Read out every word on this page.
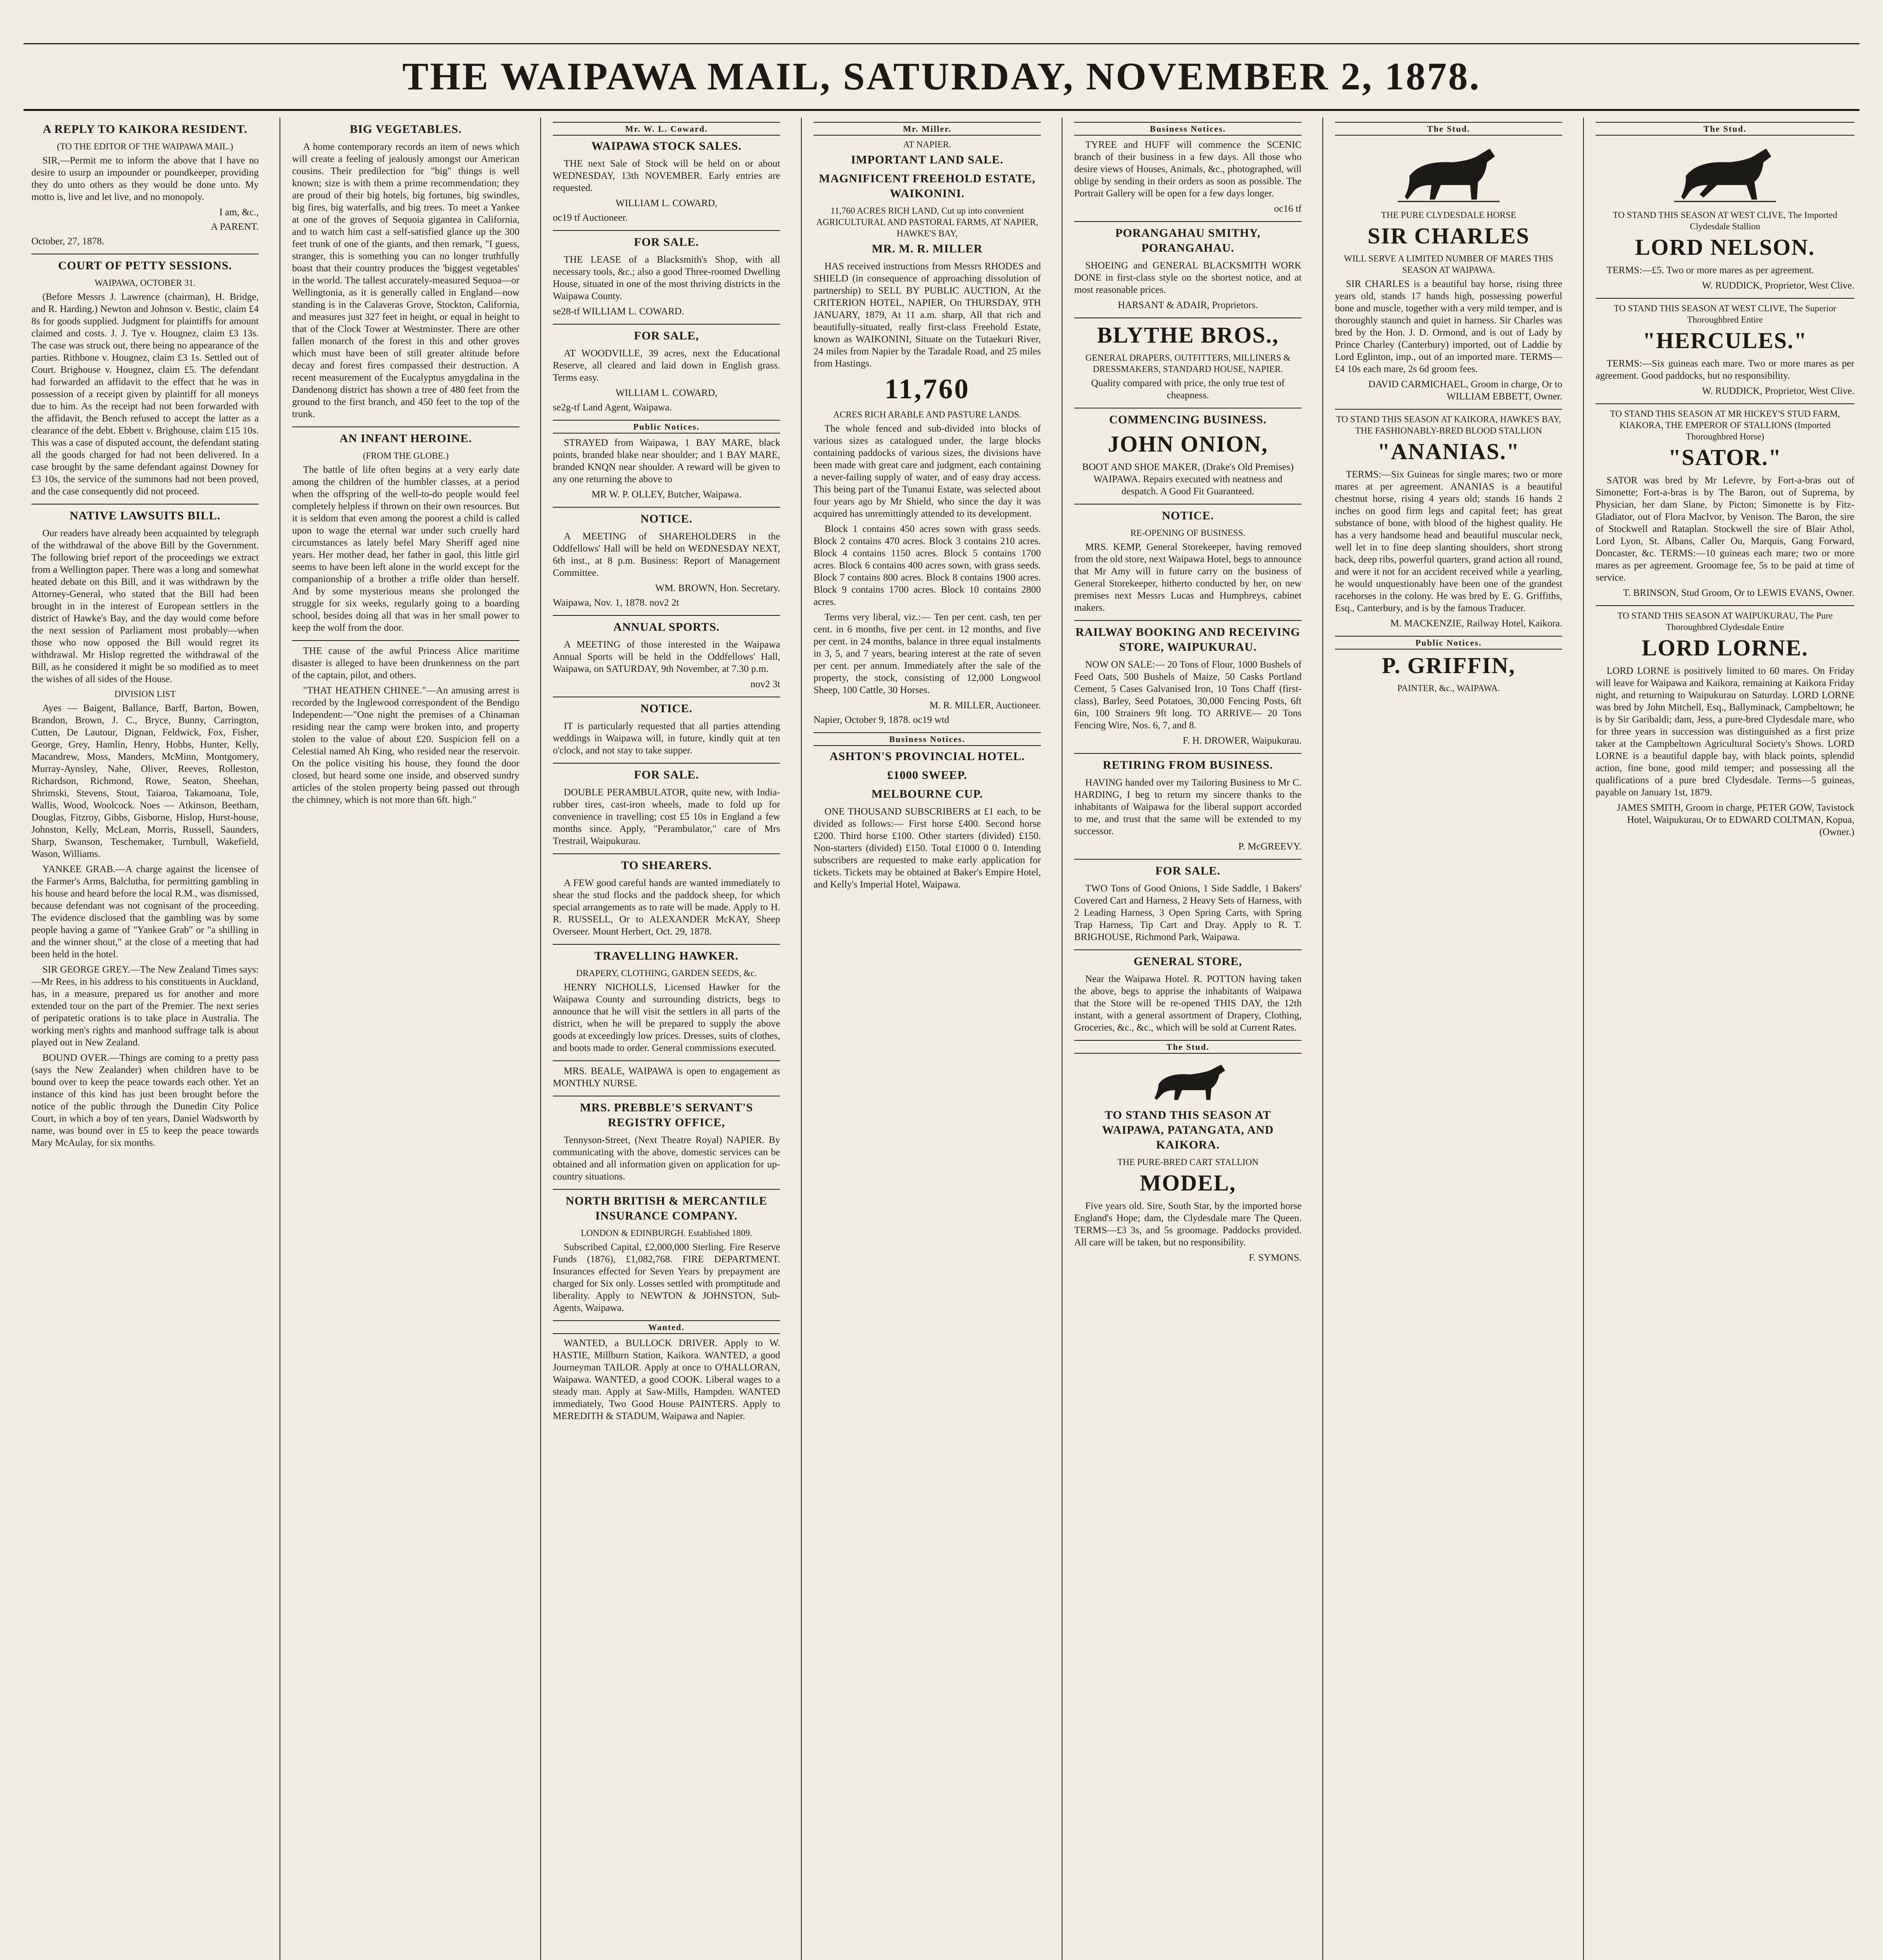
THE WAIPAWA MAIL, SATURDAY, NOVEMBER 2, 1878.
A REPLY TO KAIKORA RESIDENT.
(TO THE EDITOR OF THE WAIPAWA MAIL.)
SIR,—Permit me to inform the above that I have no desire to usurp an impounder or poundkeeper, providing they do unto others as they would be done unto. My motto is, live and let live, and no monopoly.
I am, &c.,
A PARENT.
October, 27, 1878.
COURT OF PETTY SESSIONS.
WAIPAWA, OCTOBER 31.
(Before Messrs J. Lawrence (chairman), H. Bridge, and R. Harding.) Newton and Johnson v. Bestic, claim £4 8s for goods supplied. Judgment for plaintiffs for amount claimed and costs. J. J. Tye v. Hougnez, claim £3 13s. The case was struck out, there being no appearance of the parties. Rithbone v. Hougnez, claim £3 1s. Settled out of Court. Brighouse v. Hougnez, claim £5. The defendant had forwarded an affidavit to the effect that he was in possession of a receipt given by plaintiff for all moneys due to him. As the receipt had not been forwarded with the affidavit, the Bench refused to accept the latter as a clearance of the debt. Ebbett v. Brighouse, claim £15 10s. This was a case of disputed account, the defendant stating all the goods charged for had not been delivered. In a case brought by the same defendant against Downey for £3 10s, the service of the summons had not been proved, and the case consequently did not proceed.
NATIVE LAWSUITS BILL.
Our readers have already been acquainted by telegraph of the withdrawal of the above Bill by the Government. The following brief report of the proceedings we extract from a Wellington paper. There was a long and somewhat heated debate on this Bill, and it was withdrawn by the Attorney-General, who stated that the Bill had been brought in in the interest of European settlers in the district of Hawke's Bay, and the day would come before the next session of Parliament most probably—when those who now opposed the Bill would regret its withdrawal. Mr Hislop regretted the withdrawal of the Bill, as he considered it might be so modified as to meet the wishes of all sides of the House.
DIVISION LIST
Ayes — Baigent, Ballance, Barff, Barton, Bowen, Brandon, Brown, J. C., Bryce, Bunny, Carrington, Cutten, De Lautour, Dignan, Feldwick, Fox, Fisher, George, Grey, Hamlin, Henry, Hobbs, Hunter, Kelly, Macandrew, Moss, Manders, McMinn, Montgomery, Murray-Aynsley, Nahe, Oliver, Reeves, Rolleston, Richardson, Richmond, Rowe, Seaton, Sheehan, Shrimski, Stevens, Stout, Taiaroa, Takamoana, Tole, Wallis, Wood, Woolcock. Noes — Atkinson, Beetham, Douglas, Fitzroy, Gibbs, Gisborne, Hislop, Hurst-house, Johnston, Kelly, McLean, Morris, Russell, Saunders, Sharp, Swanson, Teschemaker, Turnbull, Wakefield, Wason, Williams.
YANKEE GRAB.—A charge against the licensee of the Farmer's Arms, Balclutha, for permitting gambling in his house and heard before the local R.M., was dismissed, because defendant was not cognisant of the proceeding. The evidence disclosed that the gambling was by some people having a game of "Yankee Grab" or "a shilling in and the winner shout," at the close of a meeting that had been held in the hotel.
SIR GEORGE GREY.—The New Zealand Times says:—Mr Rees, in his address to his constituents in Auckland, has, in a measure, prepared us for another and more extended tour on the part of the Premier. The next series of peripatetic orations is to take place in Australia. The working men's rights and manhood suffrage talk is about played out in New Zealand.
BOUND OVER.—Things are coming to a pretty pass (says the New Zealander) when children have to be bound over to keep the peace towards each other. Yet an instance of this kind has just been brought before the notice of the public through the Dunedin City Police Court, in which a boy of ten years, Daniel Wadsworth by name, was bound over in £5 to keep the peace towards Mary McAulay, for six months.
BIG VEGETABLES.
A home contemporary records an item of news which will create a feeling of jealously amongst our American cousins. Their predilection for "big" things is well known; size is with them a prime recommendation; they are proud of their big hotels, big fortunes, big swindles, big fires, big waterfalls, and big trees. To meet a Yankee at one of the groves of Sequoia gigantea in California, and to watch him cast a self-satisfied glance up the 300 feet trunk of one of the giants, and then remark, "I guess, stranger, this is something you can no longer truthfully boast that their country produces the 'biggest vegetables' in the world. The tallest accurately-measured Sequoa—or Wellingtonia, as it is generally called in England—now standing is in the Calaveras Grove, Stockton, California, and measures just 327 feet in height, or equal in height to that of the Clock Tower at Westminster. There are other fallen monarch of the forest in this and other groves which must have been of still greater altitude before decay and forest fires compassed their destruction. A recent measurement of the Eucalyptus amygdalina in the Dandenong district has shown a tree of 480 feet from the ground to the first branch, and 450 feet to the top of the trunk.
AN INFANT HEROINE.
(FROM THE GLOBE.)
The battle of life often begins at a very early date among the children of the humbler classes, at a period when the offspring of the well-to-do people would feel completely helpless if thrown on their own resources. But it is seldom that even among the poorest a child is called upon to wage the eternal war under such cruelly hard circumstances as lately befel Mary Sheriff aged nine years. Her mother dead, her father in gaol, this little girl seems to have been left alone in the world except for the companionship of a brother a trifle older than herself. And by some mysterious means she prolonged the struggle for six weeks, regularly going to a boarding school, besides doing all that was in her small power to keep the wolf from the door.
THE cause of the awful Princess Alice maritime disaster is alleged to have been drunkenness on the part of the captain, pilot, and others.
"THAT HEATHEN CHINEE."—An amusing arrest is recorded by the Inglewood correspondent of the Bendigo Independent:—"One night the premises of a Chinaman residing near the camp were broken into, and property stolen to the value of about £20. Suspicion fell on a Celestial named Ah King, who resided near the reservoir. On the police visiting his house, they found the door closed, but heard some one inside, and observed sundry articles of the stolen property being passed out through the chimney, which is not more than 6ft. high."
Mr. W. L. Coward.
WAIPAWA STOCK SALES.
THE next Sale of Stock will be held on or about WEDNESDAY, 13th NOVEMBER. Early entries are requested.
WILLIAM L. COWARD,
oc19 tf Auctioneer.
FOR SALE.
THE LEASE of a Blacksmith's Shop, with all necessary tools, &c.; also a good Three-roomed Dwelling House, situated in one of the most thriving districts in the Waipawa County.
se28-tf WILLIAM L. COWARD.
FOR SALE,
AT WOODVILLE, 39 acres, next the Educational Reserve, all cleared and laid down in English grass. Terms easy.
WILLIAM L. COWARD,
se2g-tf Land Agent, Waipawa.
Public Notices.
STRAYED from Waipawa, 1 BAY MARE, black points, branded blake near shoulder; and 1 BAY MARE, branded KNQN near shoulder. A reward will be given to any one returning the above to
MR W. P. OLLEY, Butcher, Waipawa.
NOTICE.
A MEETING of SHAREHOLDERS in the Oddfellows' Hall will be held on WEDNESDAY NEXT, 6th inst., at 8 p.m. Business: Report of Management Committee.
WM. BROWN, Hon. Secretary.
Waipawa, Nov. 1, 1878. nov2 2t
ANNUAL SPORTS.
A MEETING of those interested in the Waipawa Annual Sports will be held in the Oddfellows' Hall, Waipawa, on SATURDAY, 9th November, at 7.30 p.m.
nov2 3t
NOTICE.
IT is particularly requested that all parties attending weddings in Waipawa will, in future, kindly quit at ten o'clock, and not stay to take supper.
FOR SALE.
DOUBLE PERAMBULATOR, quite new, with India-rubber tires, cast-iron wheels, made to fold up for convenience in travelling; cost £5 10s in England a few months since. Apply, "Perambulator," care of Mrs Trestrail, Waipukurau.
TO SHEARERS.
A FEW good careful hands are wanted immediately to shear the stud flocks and the paddock sheep, for which special arrangements as to rate will be made. Apply to H. R. RUSSELL, Or to ALEXANDER McKAY, Sheep Overseer. Mount Herbert, Oct. 29, 1878.
TRAVELLING HAWKER.
DRAPERY, CLOTHING, GARDEN SEEDS, &c.
HENRY NICHOLLS, Licensed Hawker for the Waipawa County and surrounding districts, begs to announce that he will visit the settlers in all parts of the district, when he will be prepared to supply the above goods at exceedingly low prices. Dresses, suits of clothes, and boots made to order. General commissions executed.
MRS. BEALE, WAIPAWA is open to engagement as MONTHLY NURSE.
MRS. PREBBLE'S SERVANT'S REGISTRY OFFICE,
Tennyson-Street, (Next Theatre Royal) NAPIER. By communicating with the above, domestic services can be obtained and all information given on application for up-country situations.
NORTH BRITISH & MERCANTILE INSURANCE COMPANY.
LONDON & EDINBURGH. Established 1809.
Subscribed Capital, £2,000,000 Sterling. Fire Reserve Funds (1876), £1,082,768. FIRE DEPARTMENT. Insurances effected for Seven Years by prepayment are charged for Six only. Losses settled with promptitude and liberality. Apply to NEWTON & JOHNSTON, Sub-Agents, Waipawa.
Wanted.
WANTED, a BULLOCK DRIVER. Apply to W. HASTIE, Millburn Station, Kaikora. WANTED, a good Journeyman TAILOR. Apply at once to O'HALLORAN, Waipawa. WANTED, a good COOK. Liberal wages to a steady man. Apply at Saw-Mills, Hampden. WANTED immediately, Two Good House PAINTERS. Apply to MEREDITH & STADUM, Waipawa and Napier.
Mr. Miller.
AT NAPIER.
IMPORTANT LAND SALE.
MAGNIFICENT FREEHOLD ESTATE, WAIKONINI.
11,760 ACRES RICH LAND, Cut up into convenient AGRICULTURAL AND PASTORAL FARMS, AT NAPIER, HAWKE'S BAY,
MR. M. R. MILLER
HAS received instructions from Messrs RHODES and SHIELD (in consequence of approaching dissolution of partnership) to SELL BY PUBLIC AUCTION, At the CRITERION HOTEL, NAPIER, On THURSDAY, 9TH JANUARY, 1879, At 11 a.m. sharp, All that rich and beautifully-situated, really first-class Freehold Estate, known as WAIKONINI, Situate on the Tutaekuri River, 24 miles from Napier by the Taradale Road, and 25 miles from Hastings.
11,760
ACRES RICH ARABLE AND PASTURE LANDS.
The whole fenced and sub-divided into blocks of various sizes as catalogued under, the large blocks containing paddocks of various sizes, the divisions have been made with great care and judgment, each containing a never-failing supply of water, and of easy dray access. This being part of the Tunanui Estate, was selected about four years ago by Mr Shield, who since the day it was acquired has unremittingly attended to its development.
Block 1 contains 450 acres sown with grass seeds. Block 2 contains 470 acres. Block 3 contains 210 acres. Block 4 contains 1150 acres. Block 5 contains 1700 acres. Block 6 contains 400 acres sown, with grass seeds. Block 7 contains 800 acres. Block 8 contains 1900 acres. Block 9 contains 1700 acres. Block 10 contains 2800 acres.
Terms very liberal, viz.:— Ten per cent. cash, ten per cent. in 6 months, five per cent. in 12 months, and five per cent. in 24 months, balance in three equal instalments in 3, 5, and 7 years, bearing interest at the rate of seven per cent. per annum. Immediately after the sale of the property, the stock, consisting of 12,000 Longwool Sheep, 100 Cattle, 30 Horses.
M. R. MILLER, Auctioneer.
Napier, October 9, 1878. oc19 wtd
Business Notices.
ASHTON'S PROVINCIAL HOTEL.
£1000 SWEEP.
MELBOURNE CUP.
ONE THOUSAND SUBSCRIBERS at £1 each, to be divided as follows:— First horse £400. Second horse £200. Third horse £100. Other starters (divided) £150. Non-starters (divided) £150. Total £1000 0 0. Intending subscribers are requested to make early application for tickets. Tickets may be obtained at Baker's Empire Hotel, and Kelly's Imperial Hotel, Waipawa.
Business Notices.
TYREE and HUFF will commence the SCENIC branch of their business in a few days. All those who desire views of Houses, Animals, &c., photographed, will oblige by sending in their orders as soon as possible. The Portrait Gallery will be open for a few days longer.
oc16 tf
PORANGAHAU SMITHY, PORANGAHAU.
SHOEING and GENERAL BLACKSMITH WORK DONE in first-class style on the shortest notice, and at most reasonable prices.
HARSANT & ADAIR, Proprietors.
BLYTHE BROS.,
GENERAL DRAPERS, OUTFITTERS, MILLINERS & DRESSMAKERS, STANDARD HOUSE, NAPIER.
Quality compared with price, the only true test of cheapness.
COMMENCING BUSINESS.
JOHN ONION,
BOOT AND SHOE MAKER, (Drake's Old Premises) WAIPAWA. Repairs executed with neatness and despatch. A Good Fit Guaranteed.
NOTICE.
RE-OPENING OF BUSINESS.
MRS. KEMP, General Storekeeper, having removed from the old store, next Waipawa Hotel, begs to announce that Mr Amy will in future carry on the business of General Storekeeper, hitherto conducted by her, on new premises next Messrs Lucas and Humphreys, cabinet makers.
RAILWAY BOOKING AND RECEIVING STORE, WAIPUKURAU.
NOW ON SALE:— 20 Tons of Flour, 1000 Bushels of Feed Oats, 500 Bushels of Maize, 50 Casks Portland Cement, 5 Cases Galvanised Iron, 10 Tons Chaff (first-class), Barley, Seed Potatoes, 30,000 Fencing Posts, 6ft 6in, 100 Strainers 9ft long. TO ARRIVE— 20 Tons Fencing Wire, Nos. 6, 7, and 8.
F. H. DROWER, Waipukurau.
RETIRING FROM BUSINESS.
HAVING handed over my Tailoring Business to Mr C. HARDING, I beg to return my sincere thanks to the inhabitants of Waipawa for the liberal support accorded to me, and trust that the same will be extended to my successor.
P. McGREEVY.
FOR SALE.
TWO Tons of Good Onions, 1 Side Saddle, 1 Bakers' Covered Cart and Harness, 2 Heavy Sets of Harness, with 2 Leading Harness, 3 Open Spring Carts, with Spring Trap Harness, Tip Cart and Dray. Apply to R. T. BRIGHOUSE, Richmond Park, Waipawa.
GENERAL STORE,
Near the Waipawa Hotel. R. POTTON having taken the above, begs to apprise the inhabitants of Waipawa that the Store will be re-opened THIS DAY, the 12th instant, with a general assortment of Drapery, Clothing, Groceries, &c., &c., which will be sold at Current Rates.
The Stud.
TO STAND THIS SEASON AT WAIPAWA, PATANGATA, AND KAIKORA.
THE PURE-BRED CART STALLION
MODEL,
Five years old. Sire, South Star, by the imported horse England's Hope; dam, the Clydesdale mare The Queen. TERMS—£3 3s, and 5s groomage. Paddocks provided. All care will be taken, but no responsibility.
F. SYMONS.
The Stud.
THE PURE CLYDESDALE HORSE
SIR CHARLES
WILL SERVE A LIMITED NUMBER OF MARES THIS SEASON AT WAIPAWA.
SIR CHARLES is a beautiful bay horse, rising three years old, stands 17 hands high, possessing powerful bone and muscle, together with a very mild temper, and is thoroughly staunch and quiet in harness. Sir Charles was bred by the Hon. J. D. Ormond, and is out of Lady by Prince Charley (Canterbury) imported, out of Laddie by Lord Eglinton, imp., out of an imported mare. TERMS—£4 10s each mare, 2s 6d groom fees.
DAVID CARMICHAEL, Groom in charge, Or to WILLIAM EBBETT, Owner.
TO STAND THIS SEASON AT KAIKORA, HAWKE'S BAY, THE FASHIONABLY-BRED BLOOD STALLION
"ANANIAS."
TERMS:—Six Guineas for single mares; two or more mares at per agreement. ANANIAS is a beautiful chestnut horse, rising 4 years old; stands 16 hands 2 inches on good firm legs and capital feet; has great substance of bone, with blood of the highest quality. He has a very handsome head and beautiful muscular neck, well let in to fine deep slanting shoulders, short strong back, deep ribs, powerful quarters, grand action all round, and were it not for an accident received while a yearling, he would unquestionably have been one of the grandest racehorses in the colony. He was bred by E. G. Griffiths, Esq., Canterbury, and is by the famous Traducer.
M. MACKENZIE, Railway Hotel, Kaikora.
Public Notices.
P. GRIFFIN,
PAINTER, &c., WAIPAWA.
The Stud.
TO STAND THIS SEASON AT WEST CLIVE, The Imported Clydesdale Stallion
LORD NELSON.
TERMS:—£5. Two or more mares as per agreement.
W. RUDDICK, Proprietor, West Clive.
TO STAND THIS SEASON AT WEST CLIVE, The Superior Thoroughbred Entire
"HERCULES."
TERMS:—Six guineas each mare. Two or more mares as per agreement. Good paddocks, but no responsibility.
W. RUDDICK, Proprietor, West Clive.
TO STAND THIS SEASON AT MR HICKEY'S STUD FARM, KIAKORA, THE EMPEROR OF STALLIONS (Imported Thoroughbred Horse)
"SATOR."
SATOR was bred by Mr Lefevre, by Fort-a-bras out of Simonette; Fort-a-bras is by The Baron, out of Suprema, by Physician, her dam Slane, by Picton; Simonette is by Fitz-Gladiator, out of Flora MacIvor, by Venison. The Baron, the sire of Stockwell and Rataplan. Stockwell the sire of Blair Athol, Lord Lyon, St. Albans, Caller Ou, Marquis, Gang Forward, Doncaster, &c. TERMS:—10 guineas each mare; two or more mares as per agreement. Groomage fee, 5s to be paid at time of service.
T. BRINSON, Stud Groom, Or to LEWIS EVANS, Owner.
TO STAND THIS SEASON AT WAIPUKURAU, The Pure Thoroughbred Clydesdale Entire
LORD LORNE.
LORD LORNE is positively limited to 60 mares. On Friday will leave for Waipawa and Kaikora, remaining at Kaikora Friday night, and returning to Waipukurau on Saturday. LORD LORNE was bred by John Mitchell, Esq., Ballyminack, Campbeltown; he is by Sir Garibaldi; dam, Jess, a pure-bred Clydesdale mare, who for three years in succession was distinguished as a first prize taker at the Campbeltown Agricultural Society's Shows. LORD LORNE is a beautiful dapple bay, with black points, splendid action, fine bone, good mild temper; and possessing all the qualifications of a pure bred Clydesdale. Terms—5 guineas, payable on January 1st, 1879.
JAMES SMITH, Groom in charge, PETER GOW, Tavistock Hotel, Waipukurau, Or to EDWARD COLTMAN, Kopua, (Owner.)
